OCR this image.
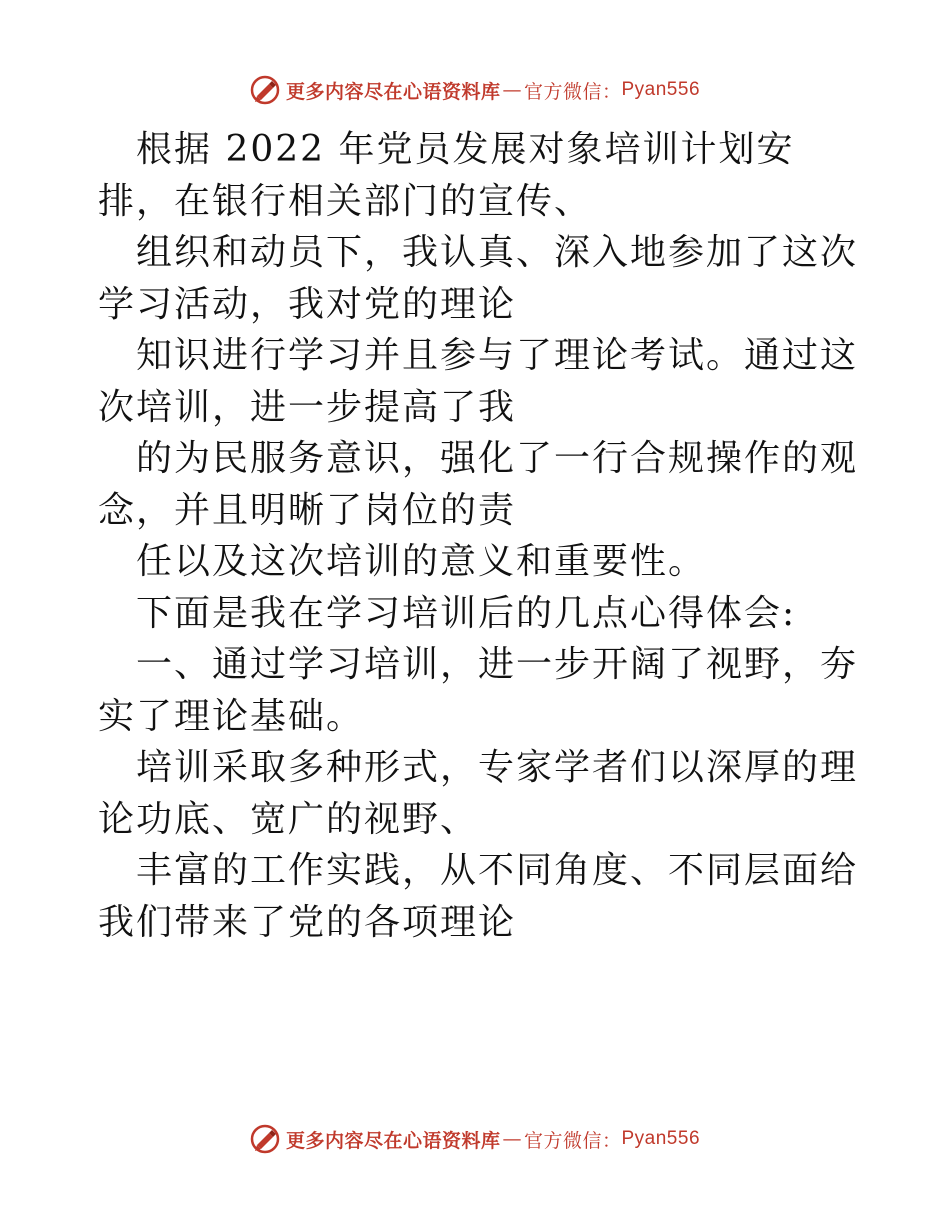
更多内容尽在心语资料库 — 官方微信： Pyan556

根据 2022 年党员发展对象培训计划安排，在银行相关部门的宣传、

组织和动员下，我认真、深入地参加了这次学习活动，我对党的理论

知识进行学习并且参与了理论考试。通过这次培训，进一步提高了我

的为民服务意识，强化了一行合规操作的观念，并且明晰了岗位的责

任以及这次培训的意义和重要性。

下面是我在学习培训后的几点心得体会:

一、通过学习培训，进一步开阔了视野，夯实了理论基础。

培训采取多种形式，专家学者们以深厚的理论功底、宽广的视野、

丰富的工作实践，从不同角度、不同层面给我们带来了党的各项理论

更多内容尽在心语资料库 — 官方微信： Pyan556
